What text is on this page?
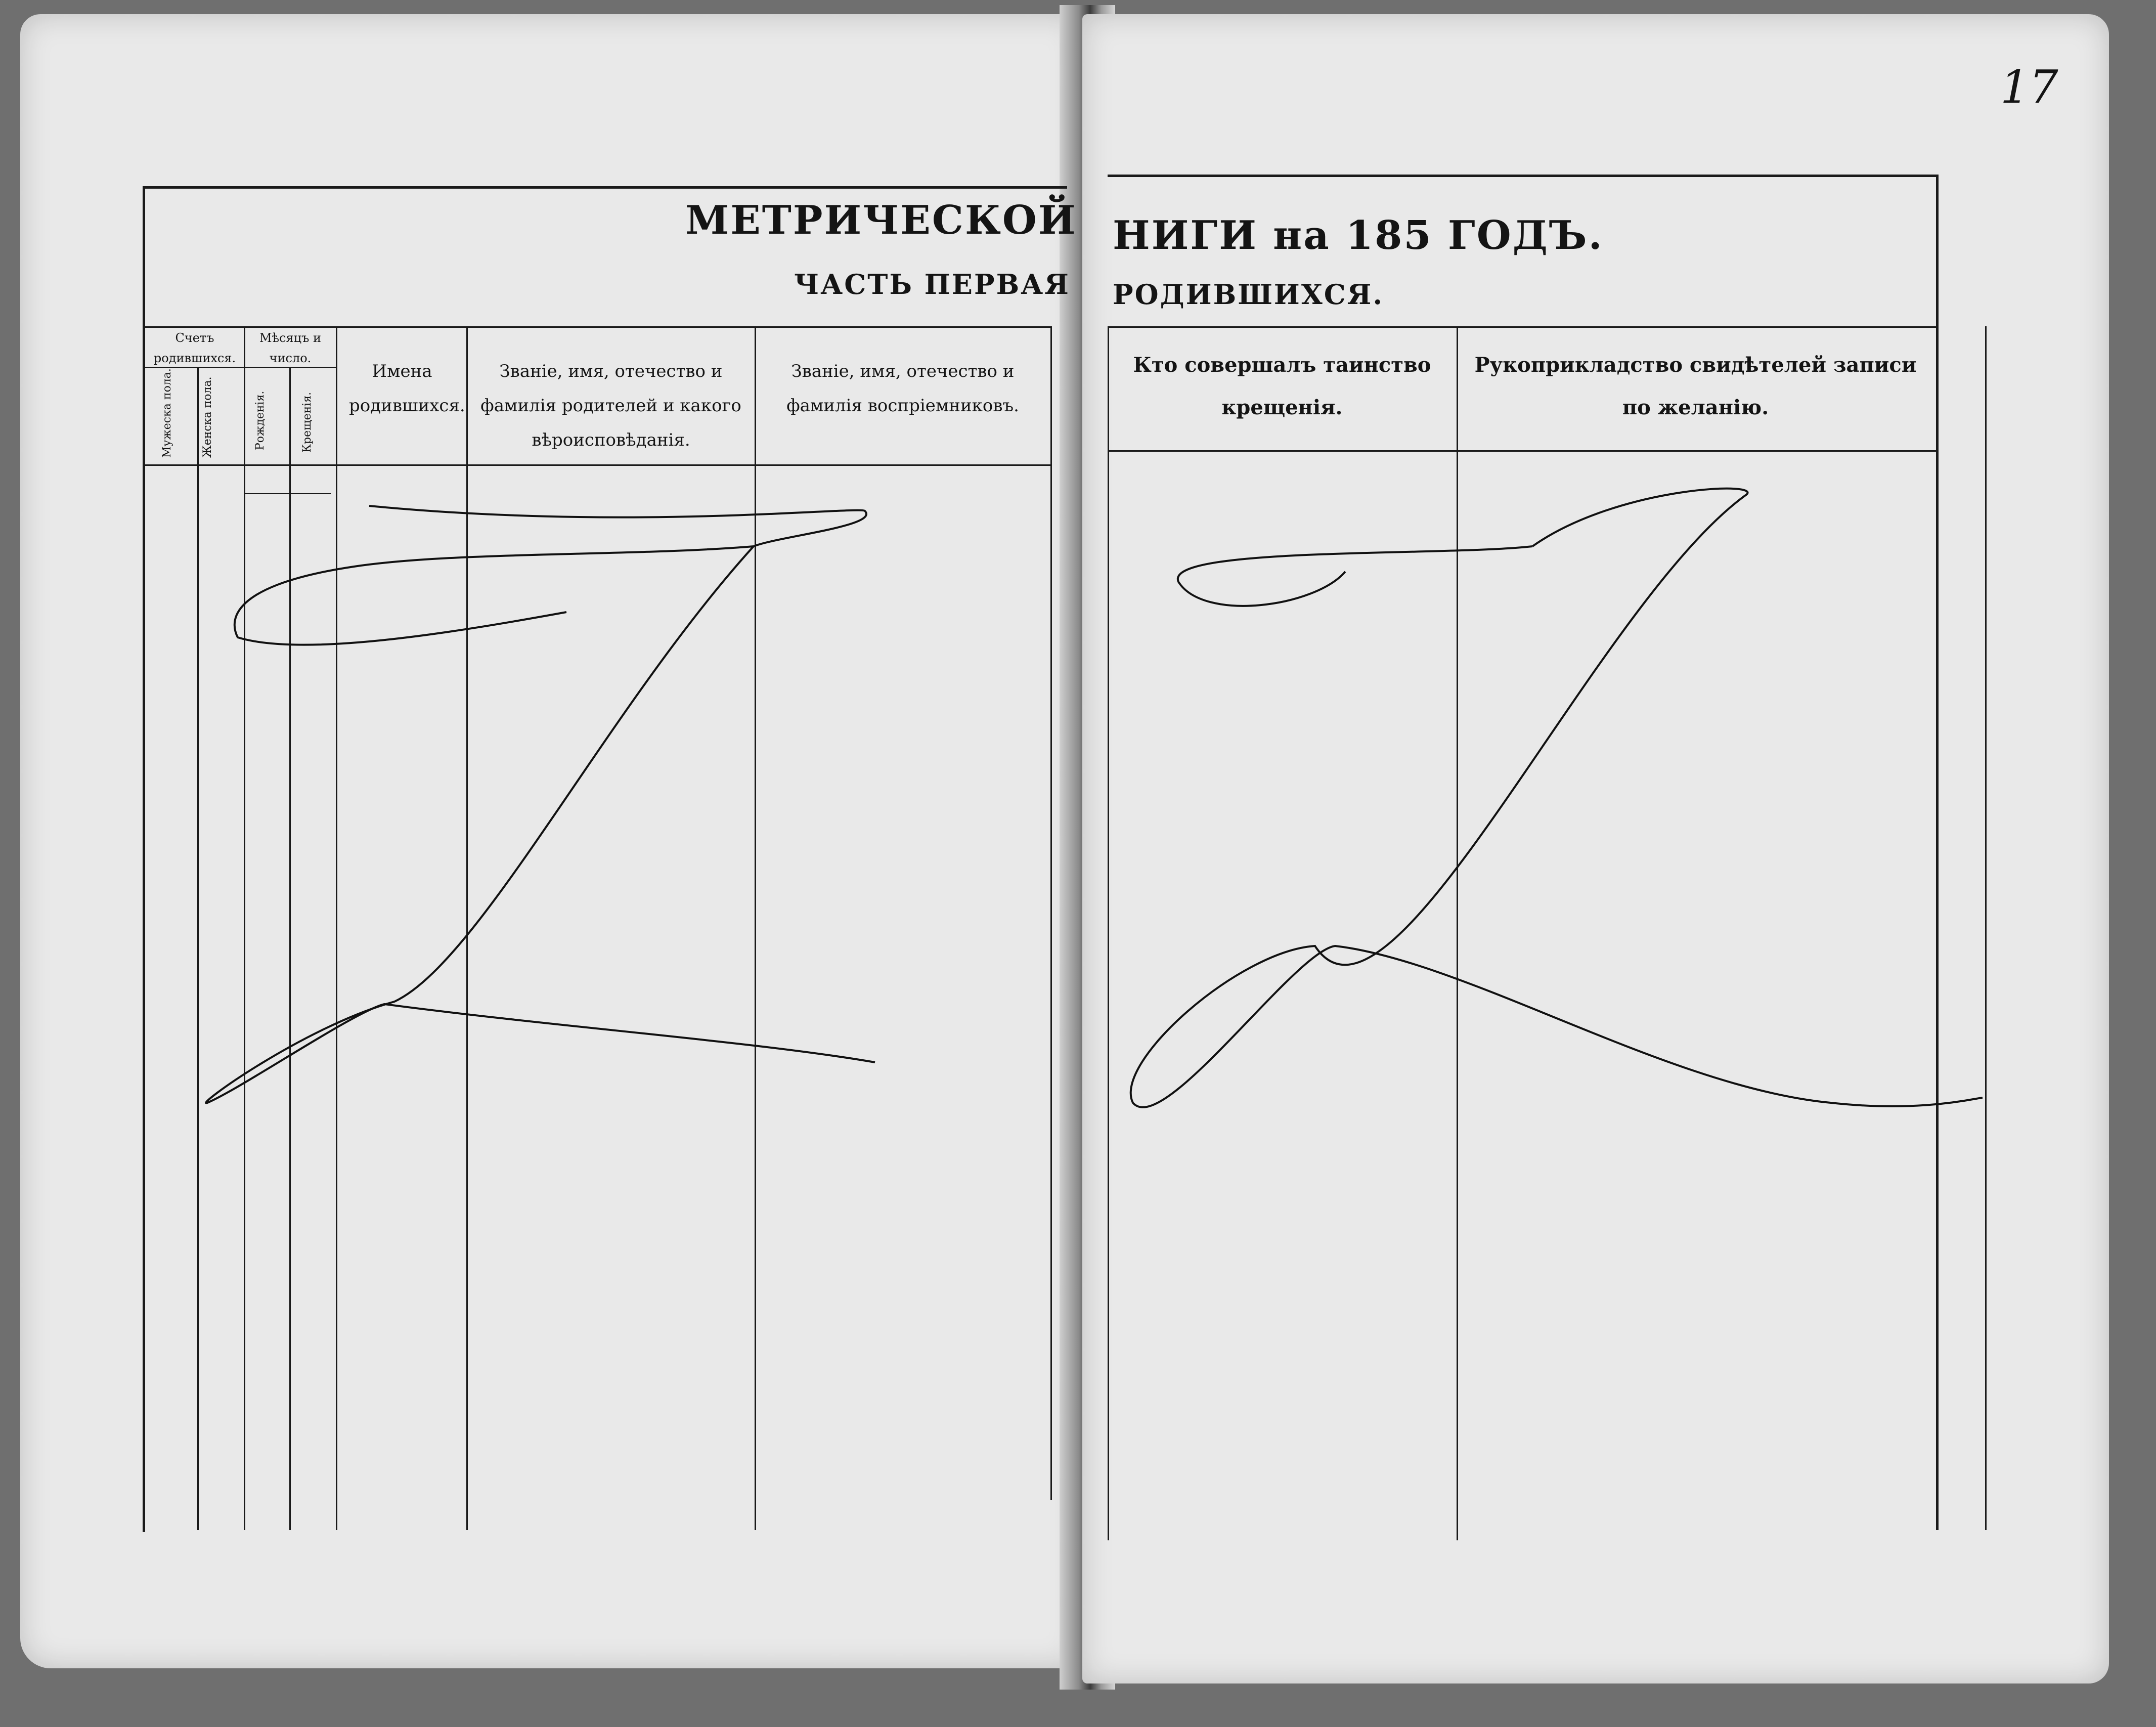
17
МЕТРИЧЕСКОЙ НИГИ на 185 ГОДЪ.
ЧАСТЬ ПЕРВАЯ РОДИВШИХСЯ.
Счетъ родившихся.
Мѣсяцъ и число.
Мужеска пола.	Женска пола.	Рожденія.	Крещенія.
Имена родившихся.
Званіе, имя, отечество и фамилія родителей и какого вѣроисповѣданія.
Званіе, имя, отечество и фамилія воспріемниковъ.
Кто совершалъ таинство крещенія.
Рукоприкладство свидѣтелей записи по желанію.
